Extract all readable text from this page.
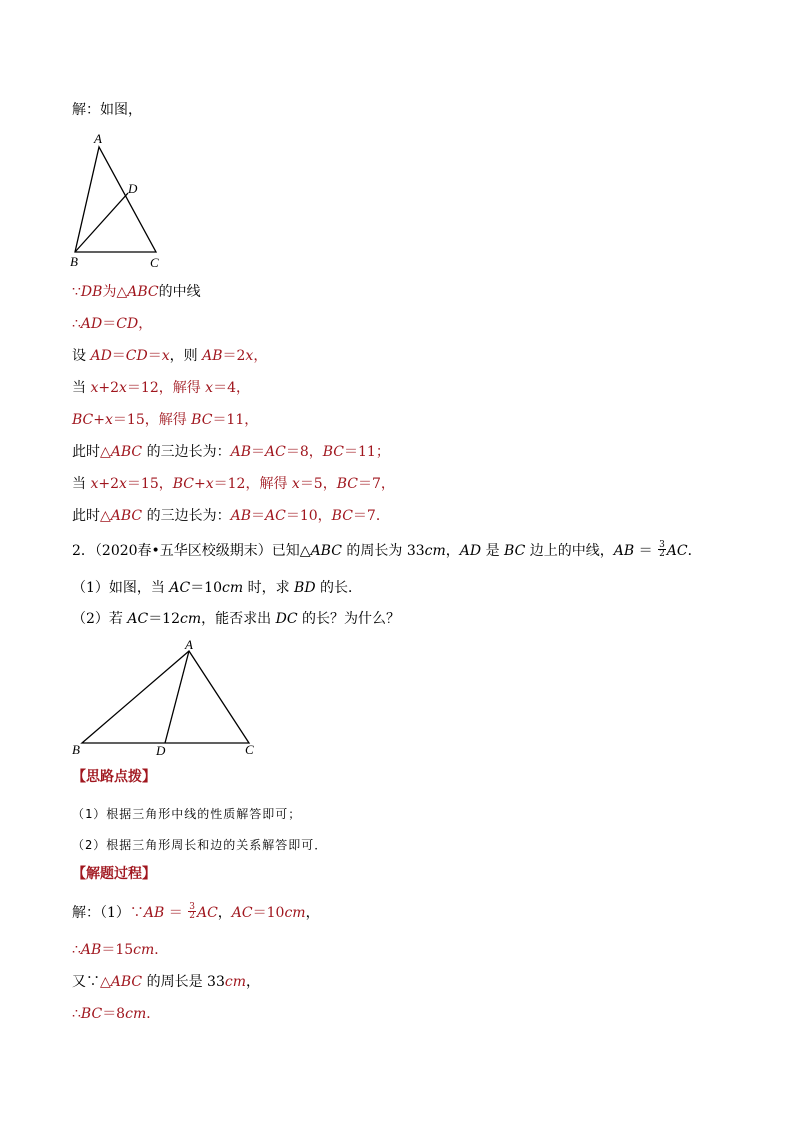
解：如图，
A
D
B	C
∵DB为△ABC的中线
∴AD＝CD，
设 AD＝CD＝x，则 AB＝2x，
当 x+2x＝12，解得 x＝4，
BC+x＝15，解得 BC＝11，
此时△ABC 的三边长为：AB＝AC＝8，BC＝11；
当 x+2x＝15，BC+x＝12，解得 x＝5，BC＝7，
此时△ABC 的三边长为：AB＝AC＝10，BC＝7．
2．（2020春•五华区校级期末）已知△ABC 的周长为 33cm，AD 是 BC 边上的中线，AB ＝ $\frac{3}{2}$ AC．
（1）如图，当 AC＝10cm 时，求 BD 的长．
（2）若 AC＝12cm，能否求出 DC 的长？为什么？
A
B	D	C
【思路点拨】
（1）根据三角形中线的性质解答即可；
（2）根据三角形周长和边的关系解答即可．
【解题过程】
解：（1）∵AB ＝ $\frac{3}{2}$ AC，AC＝10cm，
∴AB＝15cm．
又∵△ABC 的周长是 33cm，
∴BC＝8cm．
